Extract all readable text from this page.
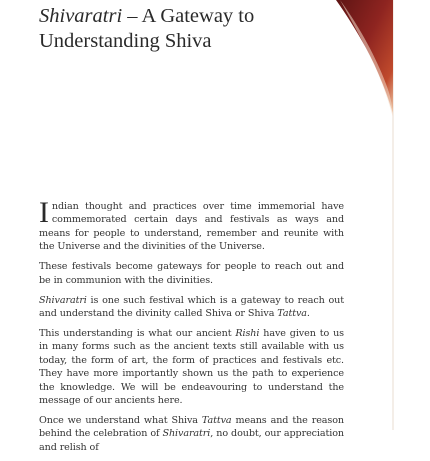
Shivaratri – A Gateway to
Understanding Shiva

Indian thought and practices over time immemorial have commemorated certain days and festivals as ways and means for people to understand, remember and reunite with the Universe and the divinities of the Universe.

These festivals become gateways for people to reach out and be in communion with the divinities.

Shivaratri is one such festival which is a gateway to reach out and understand the divinity called Shiva or Shiva Tattva.

This understanding is what our ancient Rishi have given to us in many forms such as the ancient texts still available with us today, the form of art, the form of practices and festivals etc. They have more importantly shown us the path to experience the knowledge. We will be endeavouring to understand the message of our ancients here.

Once we understand what Shiva Tattva means and the reason behind the celebration of Shivaratri, no doubt, our appreciation and relish of
